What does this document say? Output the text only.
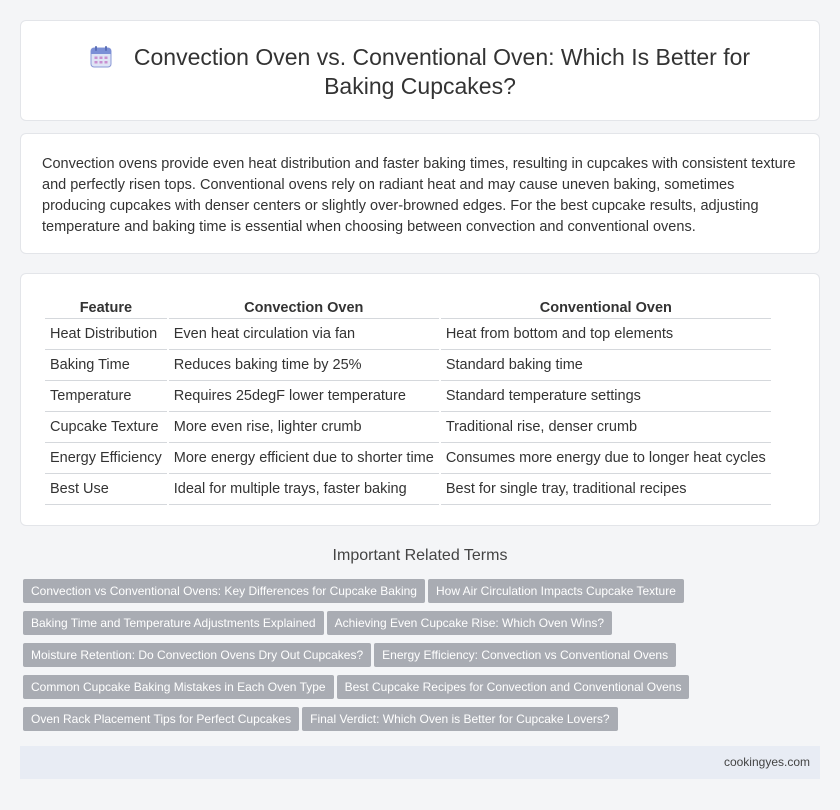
Convection Oven vs. Conventional Oven: Which Is Better for Baking Cupcakes?

Convection ovens provide even heat distribution and faster baking times, resulting in cupcakes with consistent texture and perfectly risen tops. Conventional ovens rely on radiant heat and may cause uneven baking, sometimes producing cupcakes with denser centers or slightly over-browned edges. For the best cupcake results, adjusting temperature and baking time is essential when choosing between convection and conventional ovens.

Feature	Convection Oven	Conventional Oven
Heat Distribution	Even heat circulation via fan	Heat from bottom and top elements
Baking Time	Reduces baking time by 25%	Standard baking time
Temperature	Requires 25degF lower temperature	Standard temperature settings
Cupcake Texture	More even rise, lighter crumb	Traditional rise, denser crumb
Energy Efficiency	More energy efficient due to shorter time	Consumes more energy due to longer heat cycles
Best Use	Ideal for multiple trays, faster baking	Best for single tray, traditional recipes
Important Related Terms
Convection vs Conventional Ovens: Key Differences for Cupcake Baking How Air Circulation Impacts Cupcake Texture
Baking Time and Temperature Adjustments Explained Achieving Even Cupcake Rise: Which Oven Wins?
Moisture Retention: Do Convection Ovens Dry Out Cupcakes? Energy Efficiency: Convection vs Conventional Ovens
Common Cupcake Baking Mistakes in Each Oven Type Best Cupcake Recipes for Convection and Conventional Ovens
Oven Rack Placement Tips for Perfect Cupcakes Final Verdict: Which Oven is Better for Cupcake Lovers?
cookingyes.com
